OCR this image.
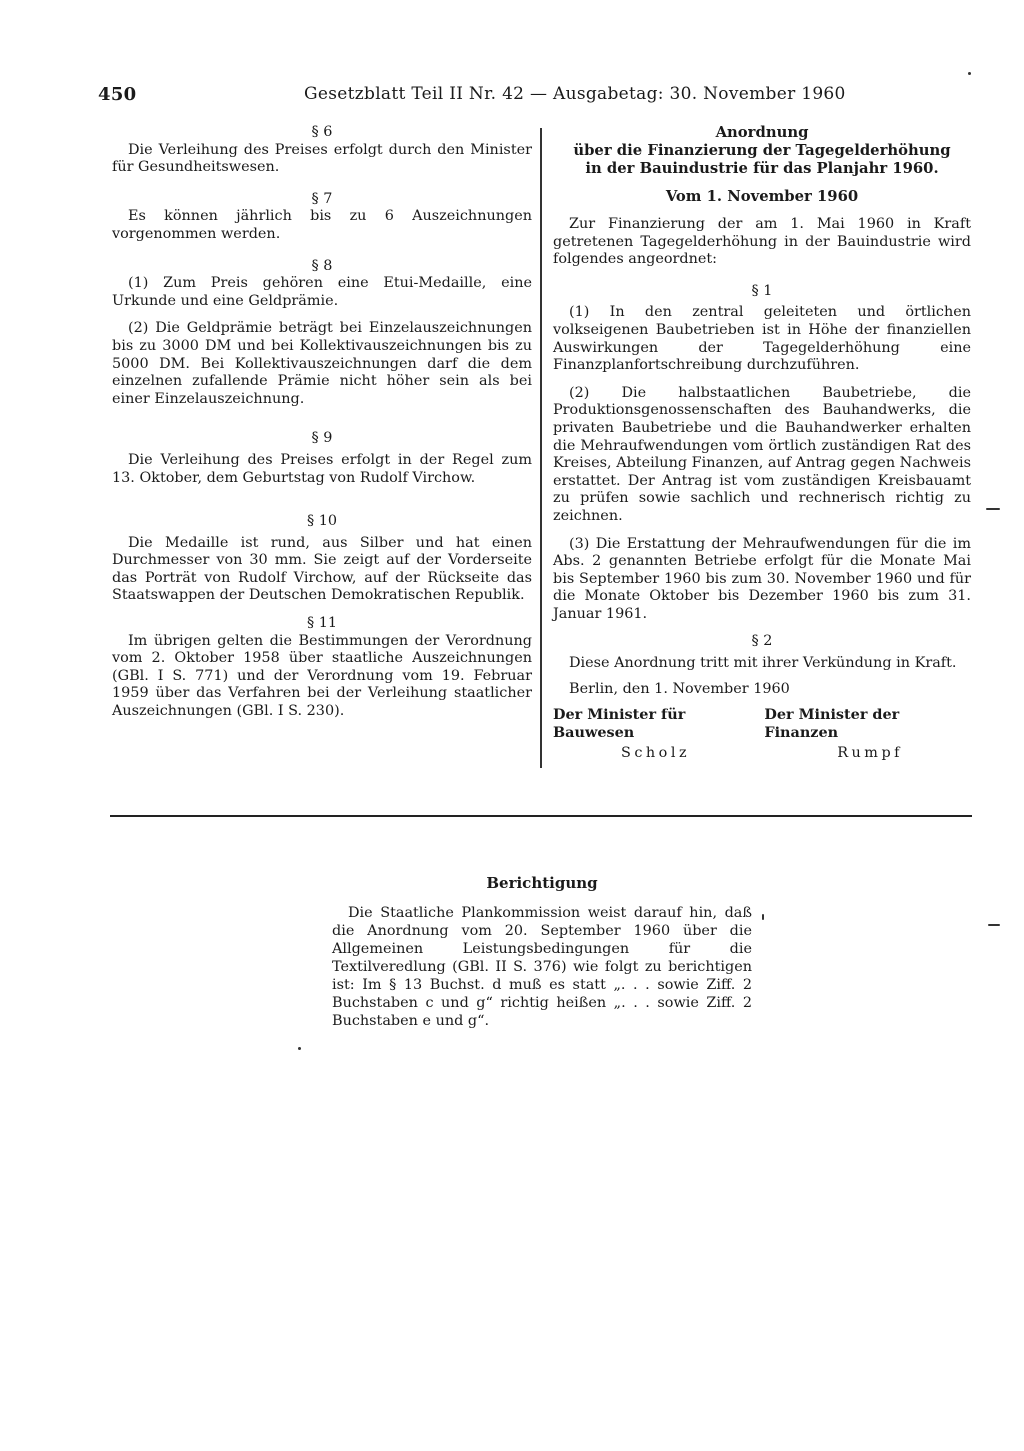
450	Gesetzblatt Teil II Nr. 42 — Ausgabetag: 30. November 1960

§ 6

Die Verleihung des Preises erfolgt durch den Minister für Gesundheitswesen.

§ 7

Es können jährlich bis zu 6 Auszeichnungen vorgenommen werden.

§ 8

(1) Zum Preis gehören eine Etui-Medaille, eine Urkunde und eine Geldprämie.

(2) Die Geldprämie beträgt bei Einzelauszeichnungen bis zu 3000 DM und bei Kollektivauszeichnungen bis zu 5000 DM. Bei Kollektivauszeichnungen darf die dem einzelnen zufallende Prämie nicht höher sein als bei einer Einzelauszeichnung.

§ 9

Die Verleihung des Preises erfolgt in der Regel zum 13. Oktober, dem Geburtstag von Rudolf Virchow.

§ 10

Die Medaille ist rund, aus Silber und hat einen Durchmesser von 30 mm. Sie zeigt auf der Vorderseite das Porträt von Rudolf Virchow, auf der Rückseite das Staatswappen der Deutschen Demokratischen Republik.

§ 11

Im übrigen gelten die Bestimmungen der Verordnung vom 2. Oktober 1958 über staatliche Auszeichnungen (GBl. I S. 771) und der Verordnung vom 19. Februar 1959 über das Verfahren bei der Verleihung staatlicher Auszeichnungen (GBl. I S. 230).

Anordnung

über die Finanzierung der Tagegelderhöhung

in der Bauindustrie für das Planjahr 1960.

Vom 1. November 1960

Zur Finanzierung der am 1. Mai 1960 in Kraft getretenen Tagegelderhöhung in der Bauindustrie wird folgendes angeordnet:

§ 1

(1) In den zentral geleiteten und örtlichen volkseigenen Baubetrieben ist in Höhe der finanziellen Auswirkungen der Tagegelderhöhung eine Finanzplanfortschreibung durchzuführen.

(2) Die halbstaatlichen Baubetriebe, die Produktionsgenossenschaften des Bauhandwerks, die privaten Baubetriebe und die Bauhandwerker erhalten die Mehraufwendungen vom örtlich zuständigen Rat des Kreises, Abteilung Finanzen, auf Antrag gegen Nachweis erstattet. Der Antrag ist vom zuständigen Kreisbauamt zu prüfen sowie sachlich und rechnerisch richtig zu zeichnen.

(3) Die Erstattung der Mehraufwendungen für die im Abs. 2 genannten Betriebe erfolgt für die Monate Mai bis September 1960 bis zum 30. November 1960 und für die Monate Oktober bis Dezember 1960 bis zum 31. Januar 1961.

§ 2

Diese Anordnung tritt mit ihrer Verkündung in Kraft.

Berlin, den 1. November 1960

Der Minister für Bauwesen
Der Minister der Finanzen
Scholz	Rumpf

Berichtigung

Die Staatliche Plankommission weist darauf hin, daß die Anordnung vom 20. September 1960 über die Allgemeinen Leistungsbedingungen für die Textilveredlung (GBl. II S. 376) wie folgt zu berichtigen ist: Im § 13 Buchst. d muß es statt „. . . sowie Ziff. 2 Buchstaben c und g“ richtig heißen „. . . sowie Ziff. 2 Buchstaben e und g“.
